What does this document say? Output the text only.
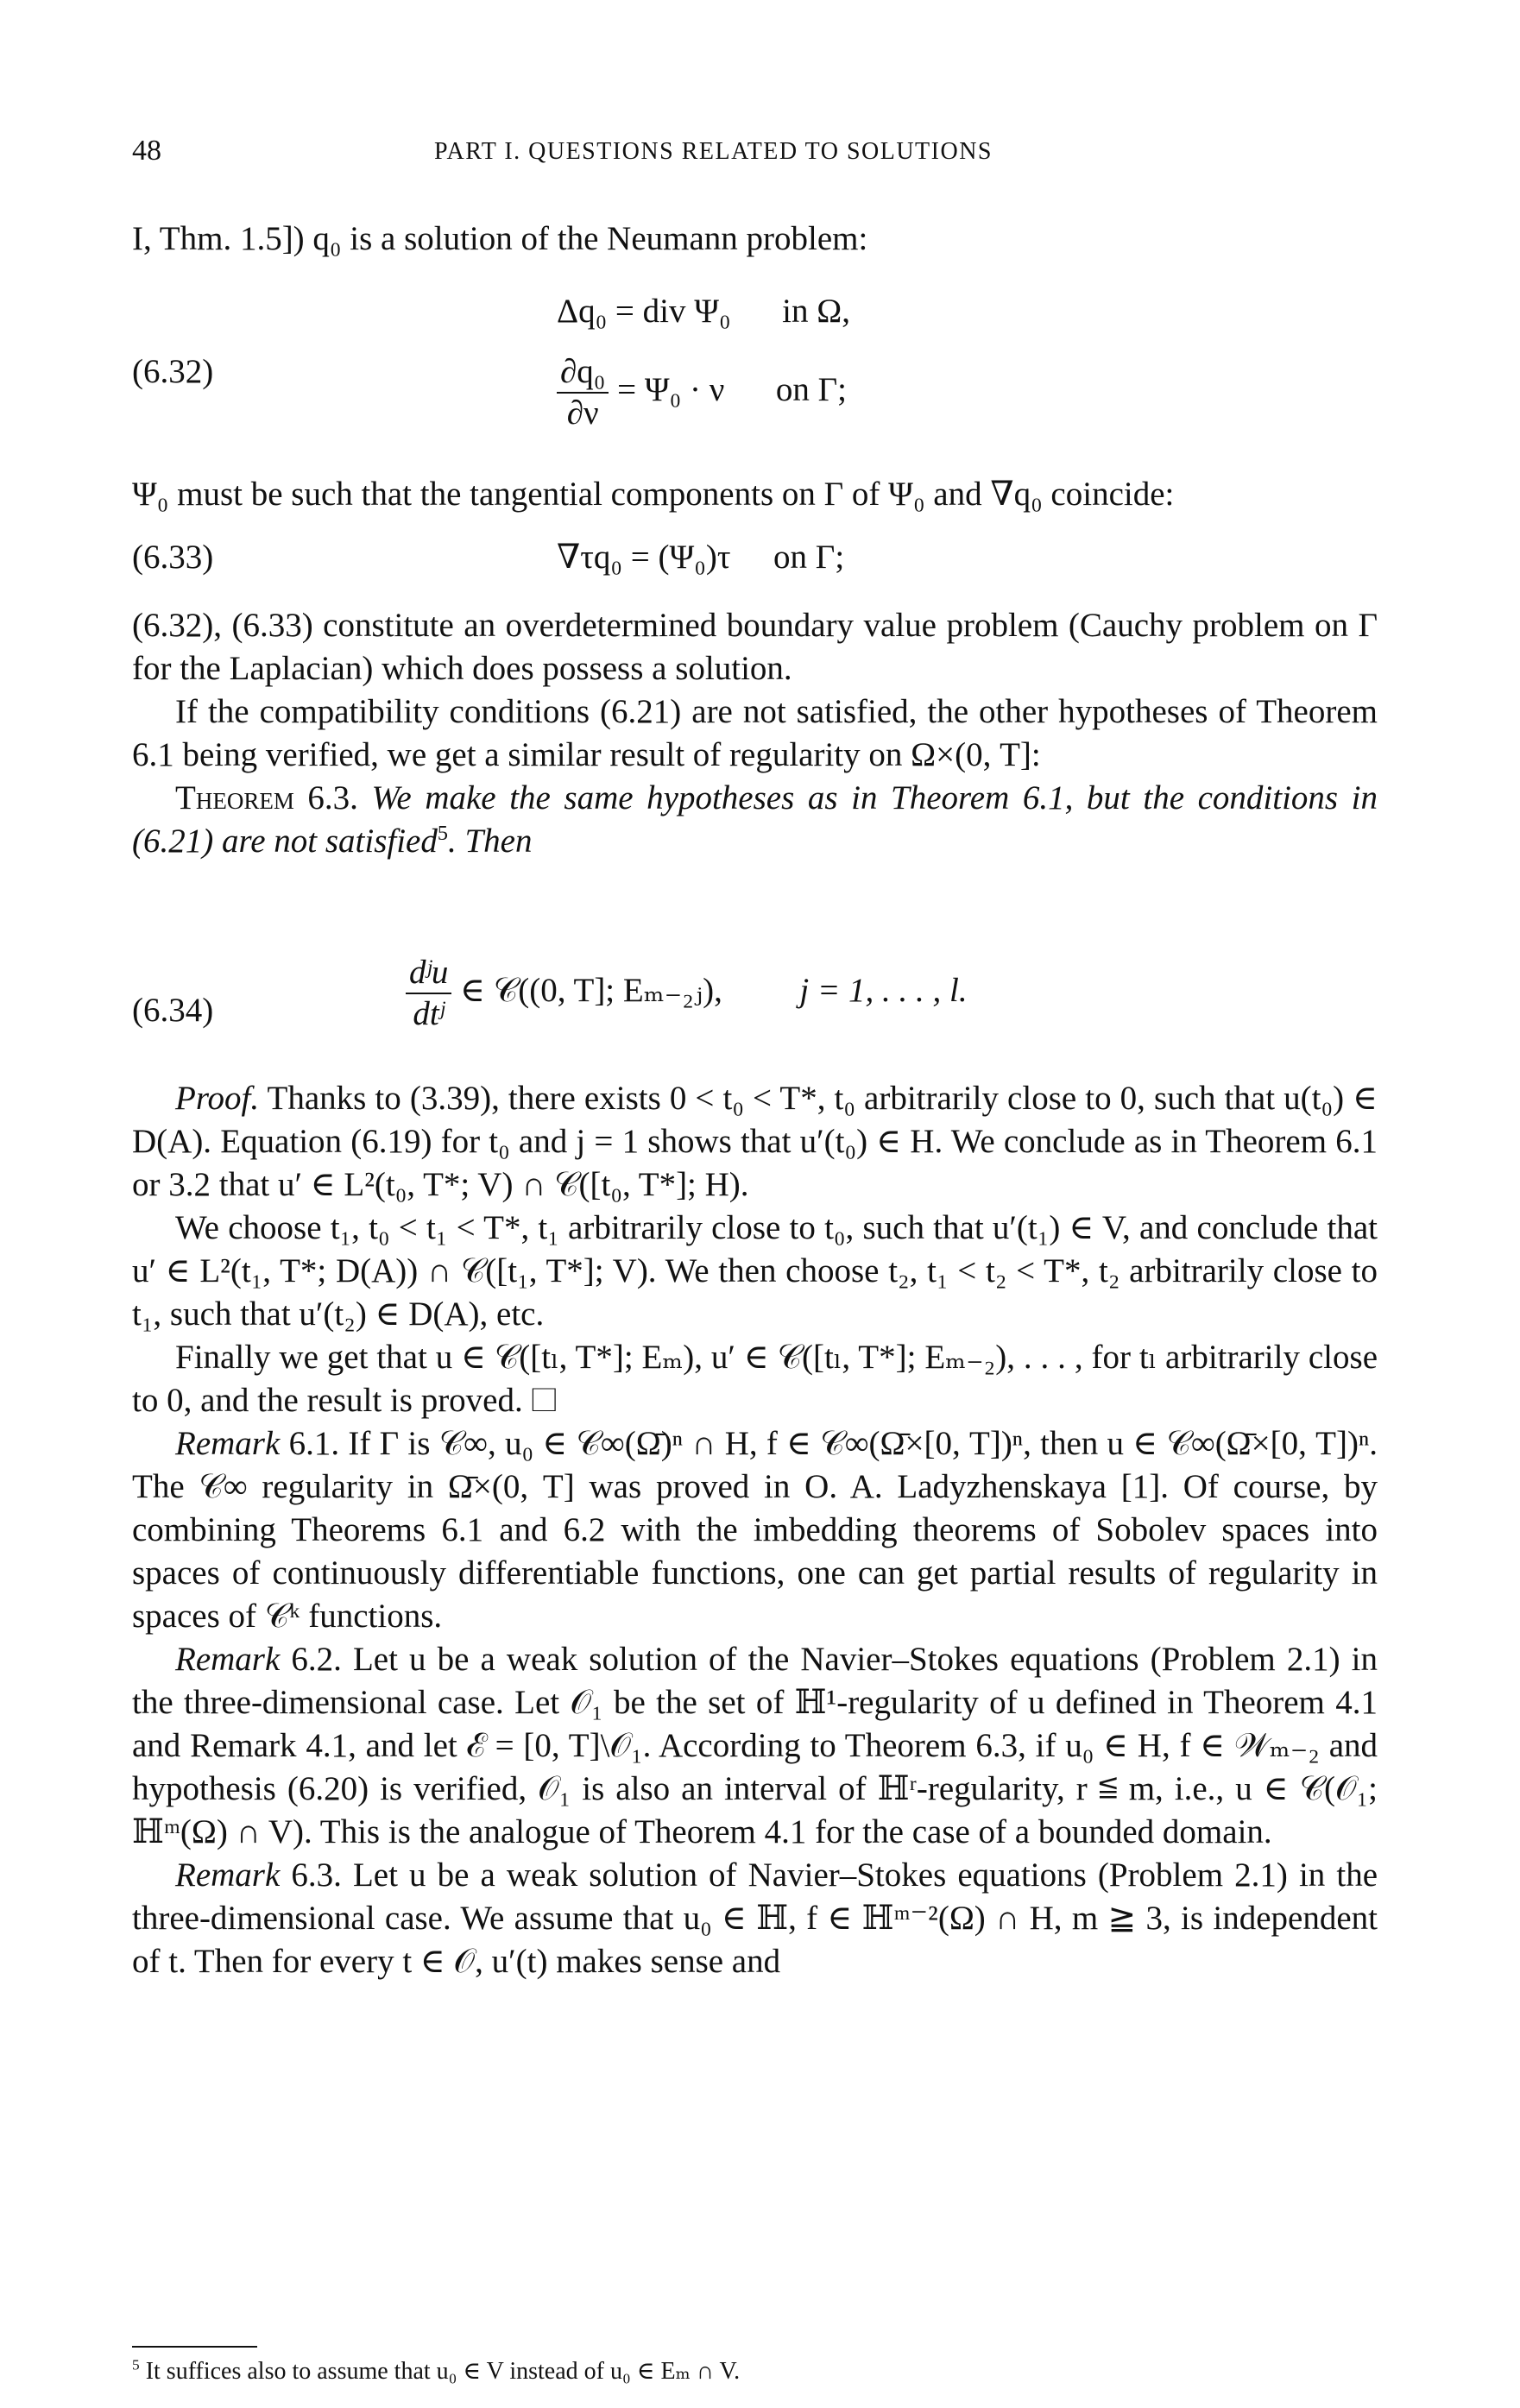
48	PART I. QUESTIONS RELATED TO SOLUTIONS

I, Thm. 1.5]) q₀ is a solution of the Neumann problem:

(6.32)
Δq₀ = div Ψ₀ in Ω,
$\frac{\text{∂q₀}}{\partial\nu} = \Psi_0 \cdot \nu$ on Γ;

Ψ₀ must be such that the tangential components on Γ of Ψ₀ and ∇q₀ coincide:

(6.33)	∇τq₀ = (Ψ₀)τ on Γ;

(6.32), (6.33) constitute an overdetermined boundary value problem (Cauchy problem on Γ for the Laplacian) which does possess a solution.

If the compatibility conditions (6.21) are not satisfied, the other hypotheses of Theorem 6.1 being verified, we get a similar result of regularity on Ω×(0, T]:

Theorem 6.3. We make the same hypotheses as in Theorem 6.1, but the conditions in (6.21) are not satisfied$^5$. Then

(6.34)	$\frac{\text{dʲu}}{\text{dtʲ}}$ ∈ 𝒞((0, T]; Eₘ₋₂ⱼ), j = 1, . . . , l.

Proof. Thanks to (3.39), there exists 0 < t₀ < T*, t₀ arbitrarily close to 0, such that u(t₀) ∈ D(A). Equation (6.19) for t₀ and j = 1 shows that u′(t₀) ∈ H. We conclude as in Theorem 6.1 or 3.2 that u′ ∈ L²(t₀, T*; V) ∩ 𝒞([t₀, T*]; H).

We choose t₁, t₀ < t₁ < T*, t₁ arbitrarily close to t₀, such that u′(t₁) ∈ V, and conclude that u′ ∈ L²(t₁, T*; D(A)) ∩ 𝒞([t₁, T*]; V). We then choose t₂, t₁ < t₂ < T*, t₂ arbitrarily close to t₁, such that u′(t₂) ∈ D(A), etc.

Finally we get that u ∈ 𝒞([tₗ, T*]; Eₘ), u′ ∈ 𝒞([tₗ, T*]; Eₘ₋₂), . . . , for tₗ arbitrarily close to 0, and the result is proved. ☐

Remark 6.1. If Γ is 𝒞∞, u₀ ∈ 𝒞∞(Ω̄)ⁿ ∩ H, f ∈ 𝒞∞(Ω̄×[0, T])ⁿ, then u ∈ 𝒞∞(Ω̄×[0, T])ⁿ. The 𝒞∞ regularity in Ω̄×(0, T] was proved in O. A. Ladyzhenskaya [1]. Of course, by combining Theorems 6.1 and 6.2 with the imbedding theorems of Sobolev spaces into spaces of continuously differentiable functions, one can get partial results of regularity in spaces of 𝒞ᵏ functions.

Remark 6.2. Let u be a weak solution of the Navier–Stokes equations (Problem 2.1) in the three-dimensional case. Let 𝒪₁ be the set of ℍ¹-regularity of u defined in Theorem 4.1 and Remark 4.1, and let ℰ = [0, T]\𝒪₁. According to Theorem 6.3, if u₀ ∈ H, f ∈ 𝒲ₘ₋₂ and hypothesis (6.20) is verified, 𝒪₁ is also an interval of ℍʳ-regularity, r ≦ m, i.e., u ∈ 𝒞(𝒪₁; ℍᵐ(Ω) ∩ V). This is the analogue of Theorem 4.1 for the case of a bounded domain.

Remark 6.3. Let u be a weak solution of Navier–Stokes equations (Problem 2.1) in the three-dimensional case. We assume that u₀ ∈ ℍ, f ∈ ℍᵐ⁻²(Ω) ∩ H, m ≧ 3, is independent of t. Then for every t ∈ 𝒪, u′(t) makes sense and

$^5$ It suffices also to assume that u₀ ∈ V instead of u₀ ∈ Eₘ ∩ V.
